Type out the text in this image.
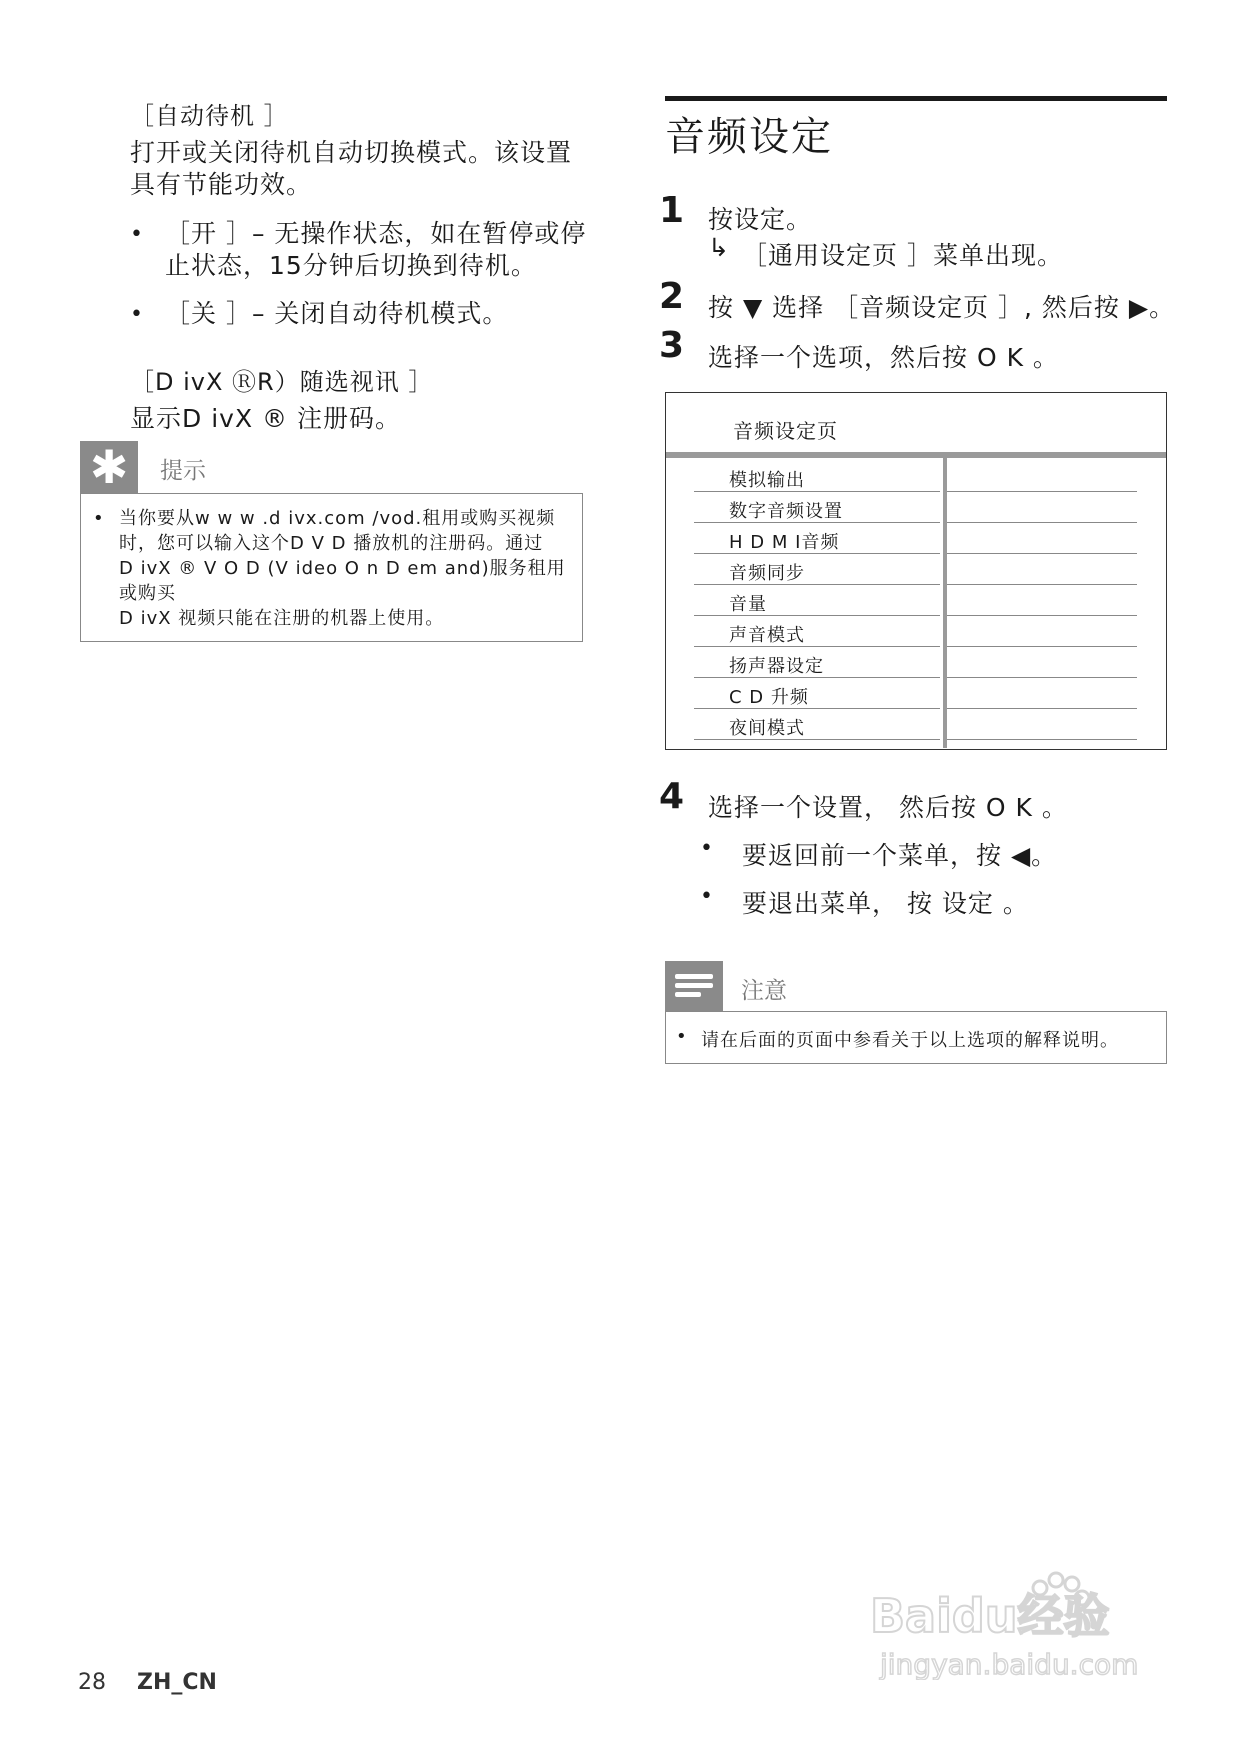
［自动待机 ］
打开或关闭待机自动切换模式。该设置
具有节能功效。
• ［开 ］– 无操作状态，如在暂停或停
止状态，15分钟后切换到待机。
• ［关 ］– 关闭自动待机模式。
［D ivX ⓇR）随选视讯 ］
显示D ivX ® 注册码。
✱	提示
• 当你要从w w w .d ivx.com /vod.租用或购买视频
时，您可以输入这个D V D 播放机的注册码。通过
D ivX ® V O D (V ideo O n D em and)服务租用或购买
D ivX 视频只能在注册的机器上使用。
音频设定
1 按设定。
↳ ［通用设定页 ］菜单出现。
2 按 ▼ 选择 ［音频设定页 ］, 然后按 ▶。
3 选择一个选项，然后按 O K 。
音频设定页
模拟输出
数字音频设置
H D M I音频
音频同步
音量
声音模式
扬声器设定
C D 升频
夜间模式
4 选择一个设置， 然后按 O K 。
• 要返回前一个菜单，按 ◀。
• 要退出菜单， 按 设定 。
注意
• 请在后面的页面中参看关于以上选项的解释说明。
28 ZH_CN
Baidu经验
jingyan.baidu.com
